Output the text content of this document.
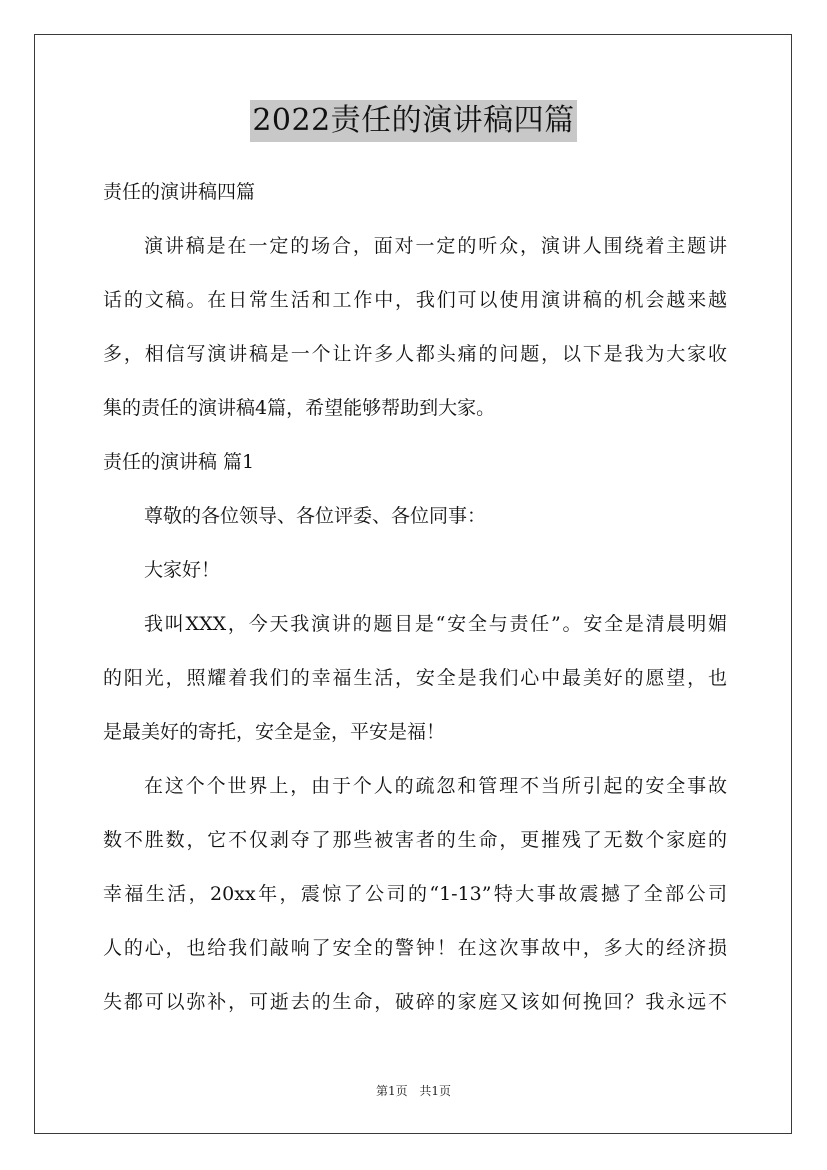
2022责任的演讲稿四篇
责任的演讲稿四篇
演讲稿是在一定的场合，面对一定的听众，演讲人围绕着主题讲
话的文稿。在日常生活和工作中，我们可以使用演讲稿的机会越来越
多，相信写演讲稿是一个让许多人都头痛的问题，以下是我为大家收
集的责任的演讲稿4篇，希望能够帮助到大家。
责任的演讲稿 篇1
尊敬的各位领导、各位评委、各位同事：
大家好！
我叫XXX，今天我演讲的题目是“安全与责任”。安全是清晨明媚
的阳光，照耀着我们的幸福生活，安全是我们心中最美好的愿望，也
是最美好的寄托，安全是金，平安是福！
在这个个世界上，由于个人的疏忽和管理不当所引起的安全事故
数不胜数，它不仅剥夺了那些被害者的生命，更摧残了无数个家庭的
幸福生活，20xx年，震惊了公司的“1-13”特大事故震撼了全部公司
人的心，也给我们敲响了安全的警钟！在这次事故中，多大的经济损
失都可以弥补，可逝去的生命，破碎的家庭又该如何挽回？我永远不
第1页 共1页
